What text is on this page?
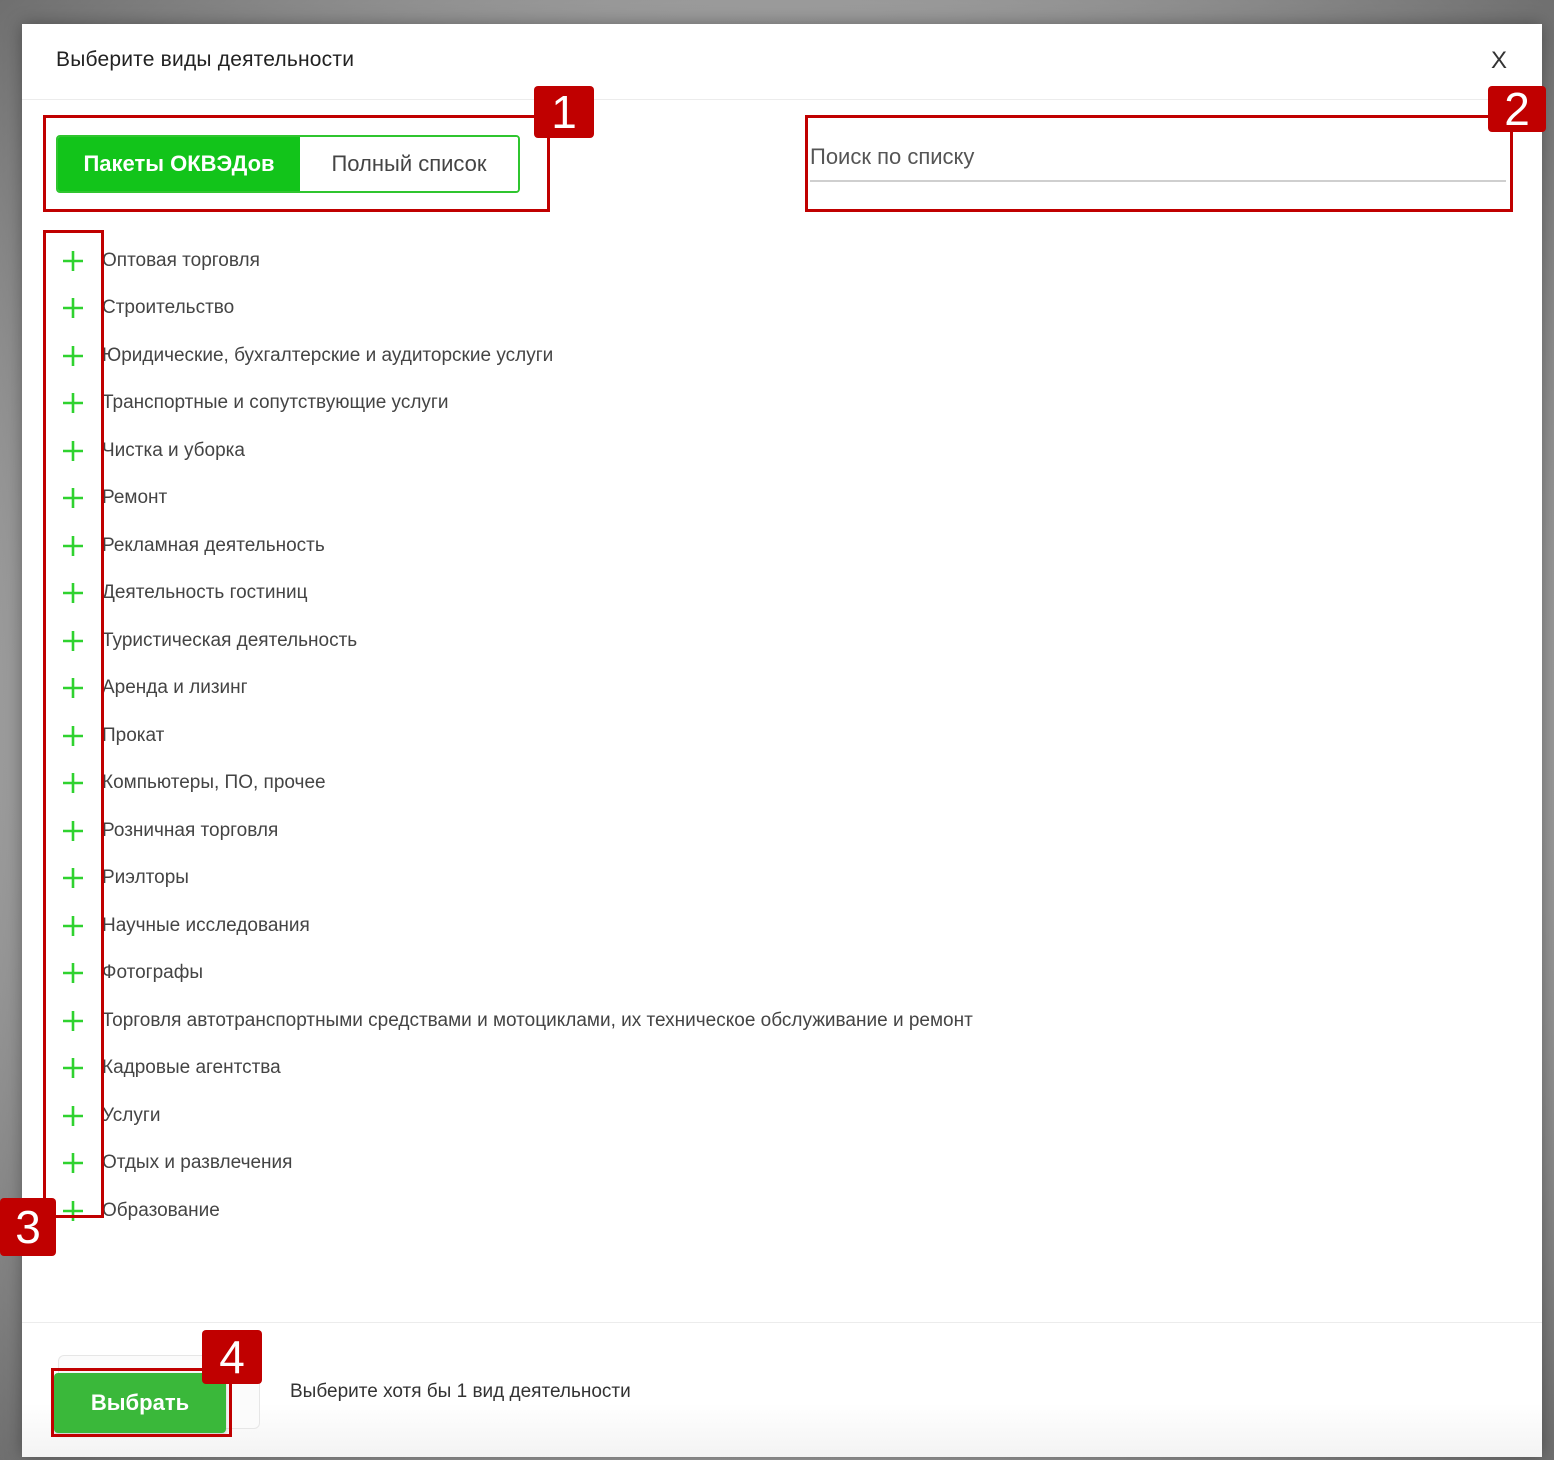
Выберите виды деятельности	X
Пакеты ОКВЭДов	Полный список
Поиск по списку
Оптовая торговля
Строительство
Юридические, бухгалтерские и аудиторские услуги
Транспортные и сопутствующие услуги
Чистка и уборка
Ремонт
Рекламная деятельность
Деятельность гостиниц
Туристическая деятельность
Аренда и лизинг
Прокат
Компьютеры, ПО, прочее
Розничная торговля
Риэлторы
Научные исследования
Фотографы
Торговля автотранспортными средствами и мотоциклами, их техническое обслуживание и ремонт
Кадровые агентства
Услуги
Отдых и развлечения
Образование
Выбрать	Выберите хотя бы 1 вид деятельности
1	2
3
4
